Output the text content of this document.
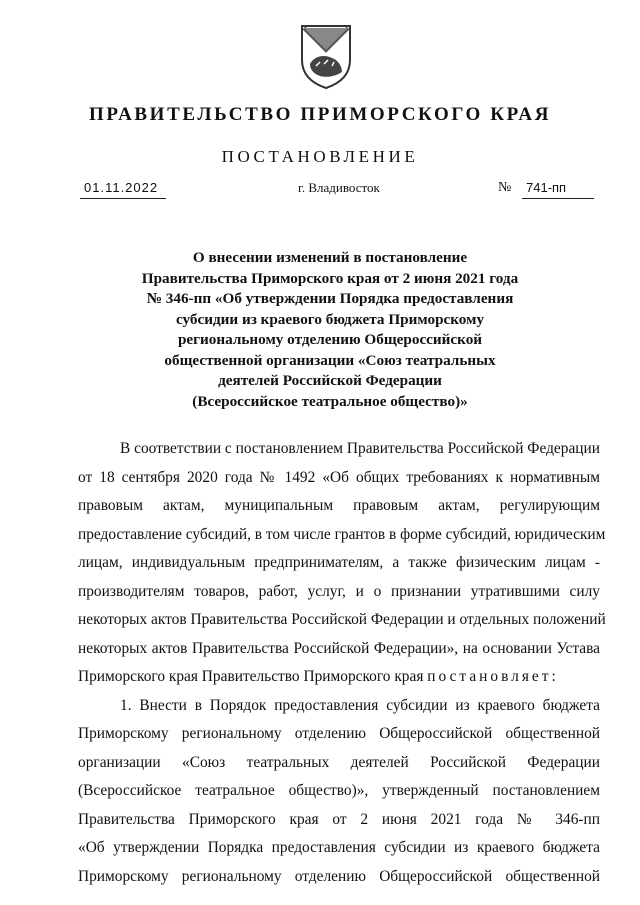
ПРАВИТЕЛЬСТВО ПРИМОРСКОГО КРАЯ
ПОСТАНОВЛЕНИЕ
01.11.2022	г. Владивосток	№ 741-пп
О внесении изменений в постановление
Правительства Приморского края от 2 июня 2021 года
№ 346-пп «Об утверждении Порядка предоставления
субсидии из краевого бюджета Приморскому
региональному отделению Общероссийской
общественной организации «Союз театральных
деятелей Российской Федерации
(Всероссийское театральное общество)»
В соответствии с постановлением Правительства Российской Федерации
от 18 сентября 2020 года № 1492 «Об общих требованиях к нормативным
правовым актам, муниципальным правовым актам, регулирующим
предоставление субсидий, в том числе грантов в форме субсидий, юридическим
лицам, индивидуальным предпринимателям, а также физическим лицам -
производителям товаров, работ, услуг, и о признании утратившими силу
некоторых актов Правительства Российской Федерации и отдельных положений
некоторых актов Правительства Российской Федерации», на основании Устава
Приморского края Правительство Приморского края постановляет:
1. Внести в Порядок предоставления субсидии из краевого бюджета
Приморскому региональному отделению Общероссийской общественной
организации «Союз театральных деятелей Российской Федерации
(Всероссийское театральное общество)», утвержденный постановлением
Правительства Приморского края от 2 июня 2021 года № 346-пп
«Об утверждении Порядка предоставления субсидии из краевого бюджета
Приморскому региональному отделению Общероссийской общественной
